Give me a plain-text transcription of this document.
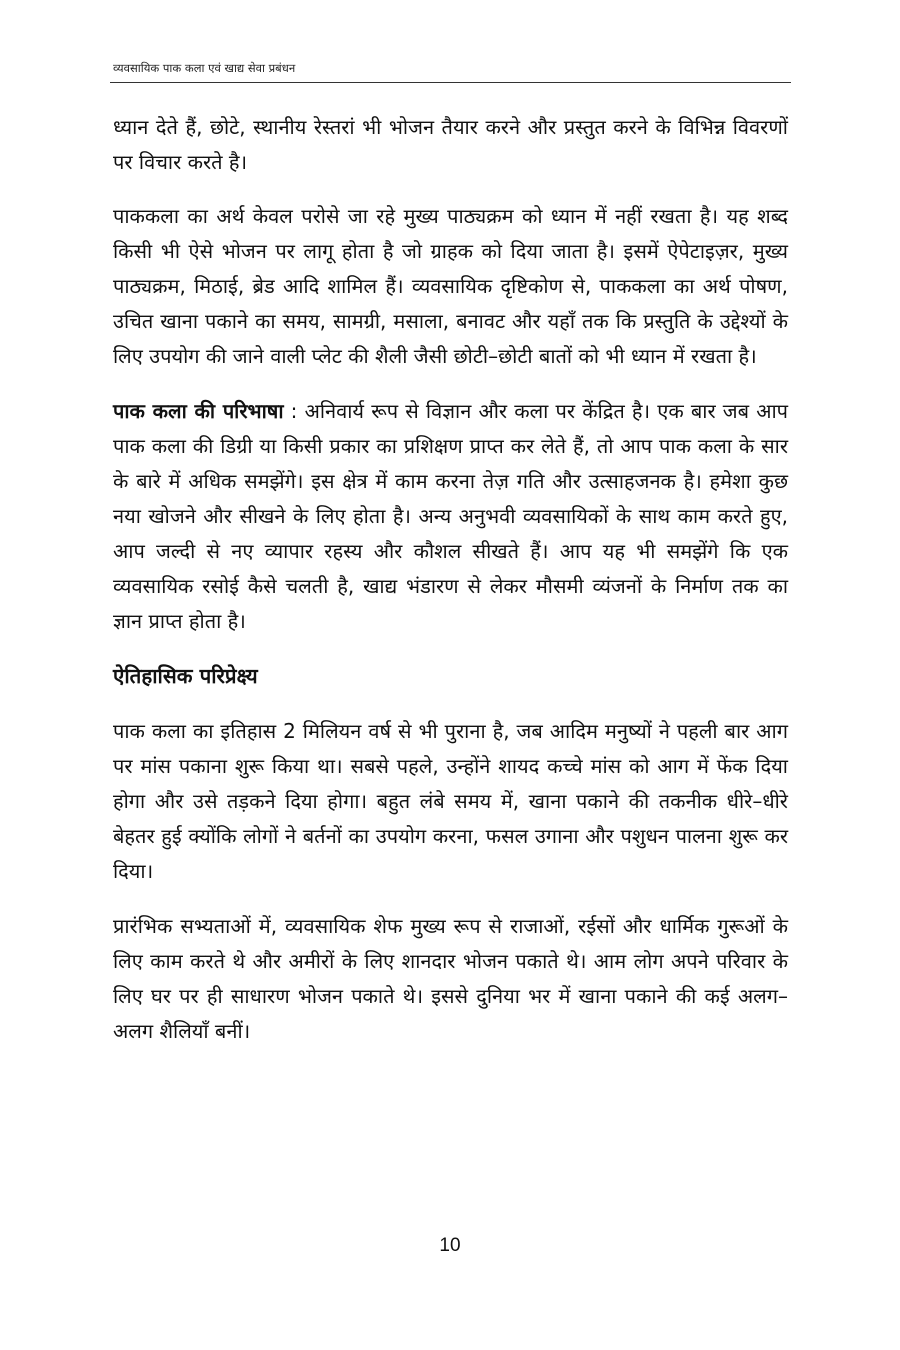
व्यवसायिक पाक कला एवं खाद्य सेवा प्रबंधन

ध्यान देते हैं, छोटे, स्थानीय रेस्तरां भी भोजन तैयार करने और प्रस्तुत करने के विभिन्न विवरणों पर विचार करते है।

पाककला का अर्थ केवल परोसे जा रहे मुख्य पाठ्यक्रम को ध्यान में नहीं रखता है। यह शब्द किसी भी ऐसे भोजन पर लागू होता है जो ग्राहक को दिया जाता है। इसमें ऐपेटाइज़र, मुख्य पाठ्यक्रम, मिठाई, ब्रेड आदि शामिल हैं। व्यवसायिक दृष्टिकोण से, पाककला का अर्थ पोषण, उचित खाना पकाने का समय, सामग्री, मसाला, बनावट और यहाँ तक कि प्रस्तुति के उद्देश्यों के लिए उपयोग की जाने वाली प्लेट की शैली जैसी छोटी–छोटी बातों को भी ध्यान में रखता है।

पाक कला की परिभाषा : अनिवार्य रूप से विज्ञान और कला पर केंद्रित है। एक बार जब आप पाक कला की डिग्री या किसी प्रकार का प्रशिक्षण प्राप्त कर लेते हैं, तो आप पाक कला के सार के बारे में अधिक समझेंगे। इस क्षेत्र में काम करना तेज़ गति और उत्साहजनक है। हमेशा कुछ नया खोजने और सीखने के लिए होता है। अन्य अनुभवी व्यवसायिकों के साथ काम करते हुए, आप जल्दी से नए व्यापार रहस्य और कौशल सीखते हैं। आप यह भी समझेंगे कि एक व्यवसायिक रसोई कैसे चलती है, खाद्य भंडारण से लेकर मौसमी व्यंजनों के निर्माण तक का ज्ञान प्राप्त होता है।

ऐतिहासिक परिप्रेक्ष्य

पाक कला का इतिहास 2 मिलियन वर्ष से भी पुराना है, जब आदिम मनुष्यों ने पहली बार आग पर मांस पकाना शुरू किया था। सबसे पहले, उन्होंने शायद कच्चे मांस को आग में फेंक दिया होगा और उसे तड़कने दिया होगा। बहुत लंबे समय में, खाना पकाने की तकनीक धीरे–धीरे बेहतर हुई क्योंकि लोगों ने बर्तनों का उपयोग करना, फसल उगाना और पशुधन पालना शुरू कर दिया।

प्रारंभिक सभ्यताओं में, व्यवसायिक शेफ मुख्य रूप से राजाओं, रईसों और धार्मिक गुरूओं के लिए काम करते थे और अमीरों के लिए शानदार भोजन पकाते थे। आम लोग अपने परिवार के लिए घर पर ही साधारण भोजन पकाते थे। इससे दुनिया भर में खाना पकाने की कई अलग–अलग शैलियाँ बनीं।

10
